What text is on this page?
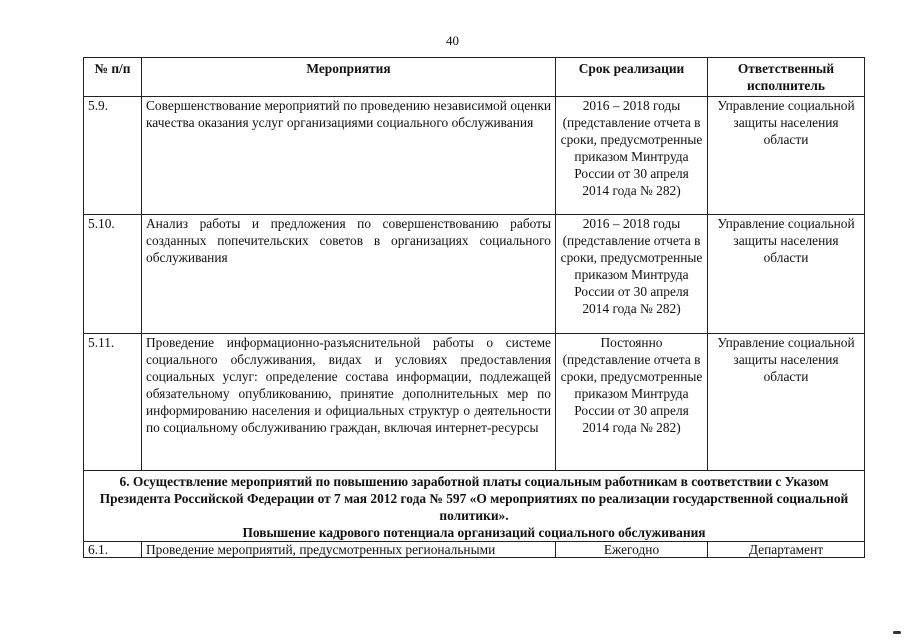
40
№ п/п	Мероприятия	Срок реализации	Ответственный исполнитель
5.9.	Совершенствование мероприятий по проведению независимой оценки качества оказания услуг организациями социального обслуживания	2016 – 2018 годы (представление отчета в сроки, предусмотренные приказом Минтруда России от 30 апреля 2014 года № 282)	Управление социальной защиты населения области
5.10.	Анализ работы и предложения по совершенствованию работы созданных попечительских советов в организациях социального обслуживания	2016 – 2018 годы (представление отчета в сроки, предусмотренные приказом Минтруда России от 30 апреля 2014 года № 282)	Управление социальной защиты населения области
5.11.	Проведение информационно-разъяснительной работы о системе социального обслуживания, видах и условиях предоставления социальных услуг: определение состава информации, подлежащей обязательному опубликованию, принятие дополнительных мер по информированию населения и официальных структур о деятельности по социальному обслуживанию граждан, включая интернет-ресурсы	Постоянно (представление отчета в сроки, предусмотренные приказом Минтруда России от 30 апреля 2014 года № 282)	Управление социальной защиты населения области

6. Осуществление мероприятий по повышению заработной платы социальным работникам в соответствии с Указом Президента Российской Федерации от 7 мая 2012 года № 597 «О мероприятиях по реализации государственной социальной политики».
Повышение кадрового потенциала организаций социального обслуживания			

6.1.	Проведение мероприятий, предусмотренных региональными	Ежегодно	Департамент
